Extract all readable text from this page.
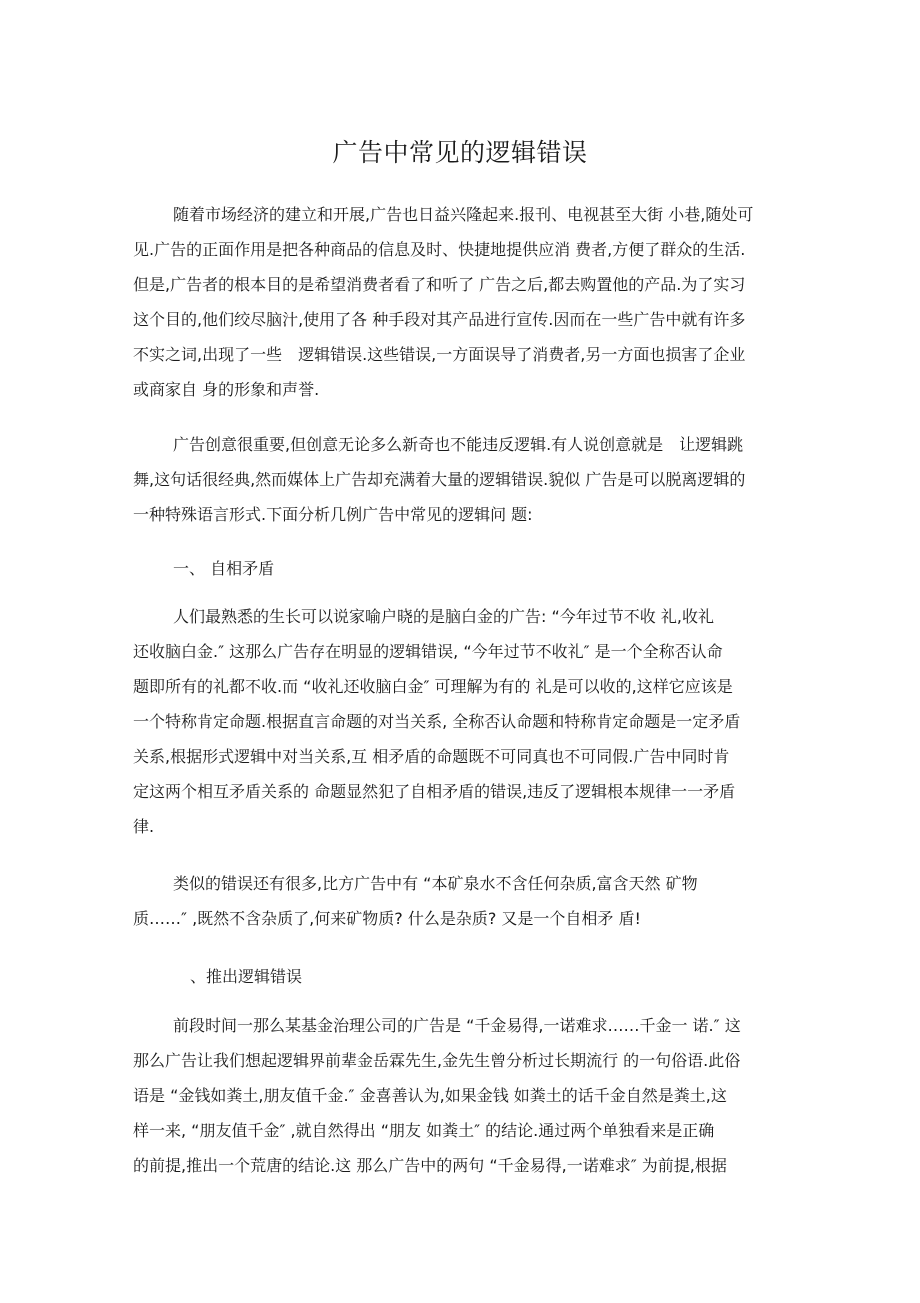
广告中常见的逻辑错误

随着市场经济的建立和开展,广告也日益兴隆起来.报刊、电视甚至大街 小巷,随处可

见.广告的正面作用是把各种商品的信息及时、快捷地提供应消 费者,方便了群众的生活.

但是,广告者的根本目的是希望消费者看了和听了 广告之后,都去购置他的产品.为了实习

这个目的,他们绞尽脑汁,使用了各 种手段对其产品进行宣传.因而在一些广告中就有许多

不实之词,出现了一些　逻辑错误.这些错误,一方面误导了消费者,另一方面也损害了企业

或商家自 身的形象和声誉.

广告创意很重要,但创意无论多么新奇也不能违反逻辑.有人说创意就是　让逻辑跳

舞,这句话很经典,然而媒体上广告却充满着大量的逻辑错误.貌似 广告是可以脱离逻辑的

一种特殊语言形式.下面分析几例广告中常见的逻辑问 题:

一、 自相矛盾

人们最熟悉的生长可以说家喻户晓的是脑白金的广告: “今年过节不收 礼,收礼

还收脑白金.″ 这那么广告存在明显的逻辑错误, “今年过节不收礼″ 是一个全称否认命

题即所有的礼都不收.而 “收礼还收脑白金″ 可理解为有的 礼是可以收的,这样它应该是

一个特称肯定命题.根据直言命题的对当关系, 全称否认命题和特称肯定命题是一定矛盾

关系,根据形式逻辑中对当关系,互 相矛盾的命题既不可同真也不可同假.广告中同时肯

定这两个相互矛盾关系的 命题显然犯了自相矛盾的错误,违反了逻辑根本规律一一矛盾

律.

类似的错误还有很多,比方广告中有 “本矿泉水不含任何杂质,富含天然 矿物

质……″ ,既然不含杂质了,何来矿物质? 什么是杂质? 又是一个自相矛 盾!

、推出逻辑错误

前段时间一那么某基金治理公司的广告是 “千金易得,一诺难求……千金一 诺.″ 这

那么广告让我们想起逻辑界前辈金岳霖先生,金先生曾分析过长期流行 的一句俗语.此俗

语是 “金钱如粪土,朋友值千金.″ 金喜善认为,如果金钱 如粪土的话千金自然是粪土,这

样一来, “朋友值千金″ ,就自然得出 “朋友 如粪土″ 的结论.通过两个单独看来是正确

的前提,推出一个荒唐的结论.这 那么广告中的两句 “千金易得,一诺难求″ 为前提,根据
